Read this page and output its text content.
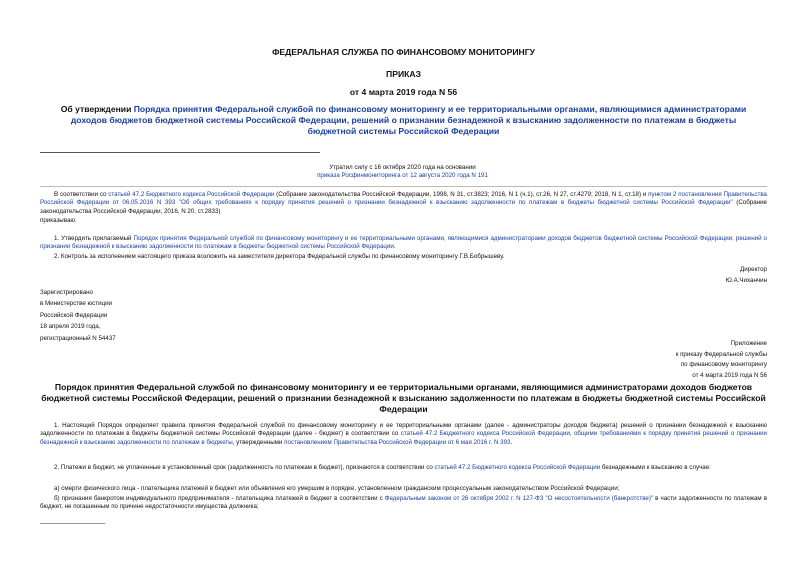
ФЕДЕРАЛЬНАЯ СЛУЖБА ПО ФИНАНСОВОМУ МОНИТОРИНГУ
ПРИКАЗ
от 4 марта 2019 года N 56
Об утверждении Порядка принятия Федеральной службой по финансовому мониторингу и ее территориальными органами, являющимися администраторами доходов бюджетов бюджетной системы Российской Федерации, решений о признании безнадежной к взысканию задолженности по платежам в бюджеты бюджетной системы Российской Федерации
Утратил силу с 16 октября 2020 года на основании
приказа Росфинмониторинга от 12 августа 2020 года N 191
В соответствии со статьей 47.2 Бюджетного кодекса Российской Федерации (Собрание законодательства Российской Федерации, 1998, N 31, ст.3823; 2016, N 1 (ч.1), ст.26, N 27, ст.4279; 2018, N 1, ст.18) и пунктом 2 постановления Правительства Российской Федерации от 06.05.2016 N 393 "Об общих требованиях к порядку принятия решений о признании безнадежной к взысканию задолженности по платежам в бюджеты бюджетной системы Российской Федерации" (Собрание законодательства Российской Федерации, 2016, N 20, ст.2833)
приказываю:
1. Утвердить прилагаемый Порядок принятия Федеральной службой по финансовому мониторингу и ее территориальными органами, являющимися администраторами доходов бюджетов бюджетной системы Российской Федерации, решений о признании безнадежной к взысканию задолженности по платежам в бюджеты бюджетной системы Российской Федерации.
2. Контроль за исполнением настоящего приказа возложить на заместителя директора Федеральной службы по финансовому мониторингу Г.В.Бобрышеву.
Директор
Ю.А.Чиханчин
Зарегистрировано
в Министерстве юстиции
Российской Федерации
18 апреля 2019 года,
регистрационный N 54437
Приложение
к приказу Федеральной службы
по финансовому мониторингу
от 4 марта 2019 года N 56
Порядок принятия Федеральной службой по финансовому мониторингу и ее территориальными органами, являющимися администраторами доходов бюджетов бюджетной системы Российской Федерации, решений о признании безнадежной к взысканию задолженности по платежам в бюджеты бюджетной системы Российской Федерации
1. Настоящий Порядок определяет правила принятия Федеральной службой по финансовому мониторингу и ее территориальными органами (далее - администраторы доходов бюджета) решений о признании безнадежной к взысканию задолженности по платежам в бюджеты бюджетной системы Российской Федерации (далее - бюджет) в соответствии со статьей 47.2 Бюджетного кодекса Российской Федерации, общими требованиями к порядку принятия решений о признании безнадежной к взысканию задолженности по платежам в бюджеты, утвержденными постановлением Правительства Российской Федерации от 6 мая 2016 г. N 393.
2. Платежи в бюджет, не уплаченные в установленный срок (задолженность по платежам в бюджет), признаются в соответствии со статьей 47.2 Бюджетного кодекса Российской Федерации безнадежными к взысканию в случае:
а) смерти физического лица - плательщика платежей в бюджет или объявления его умершим в порядке, установленном гражданским процессуальным законодательством Российской Федерации;
б) признания банкротом индивидуального предпринимателя - плательщика платежей в бюджет в соответствии с Федеральным законом от 26 октября 2002 г. N 127-ФЗ "О несостоятельности (банкротстве)" в части задолженности по платежам в бюджет, не погашенным по причине недостаточности имущества должника;
